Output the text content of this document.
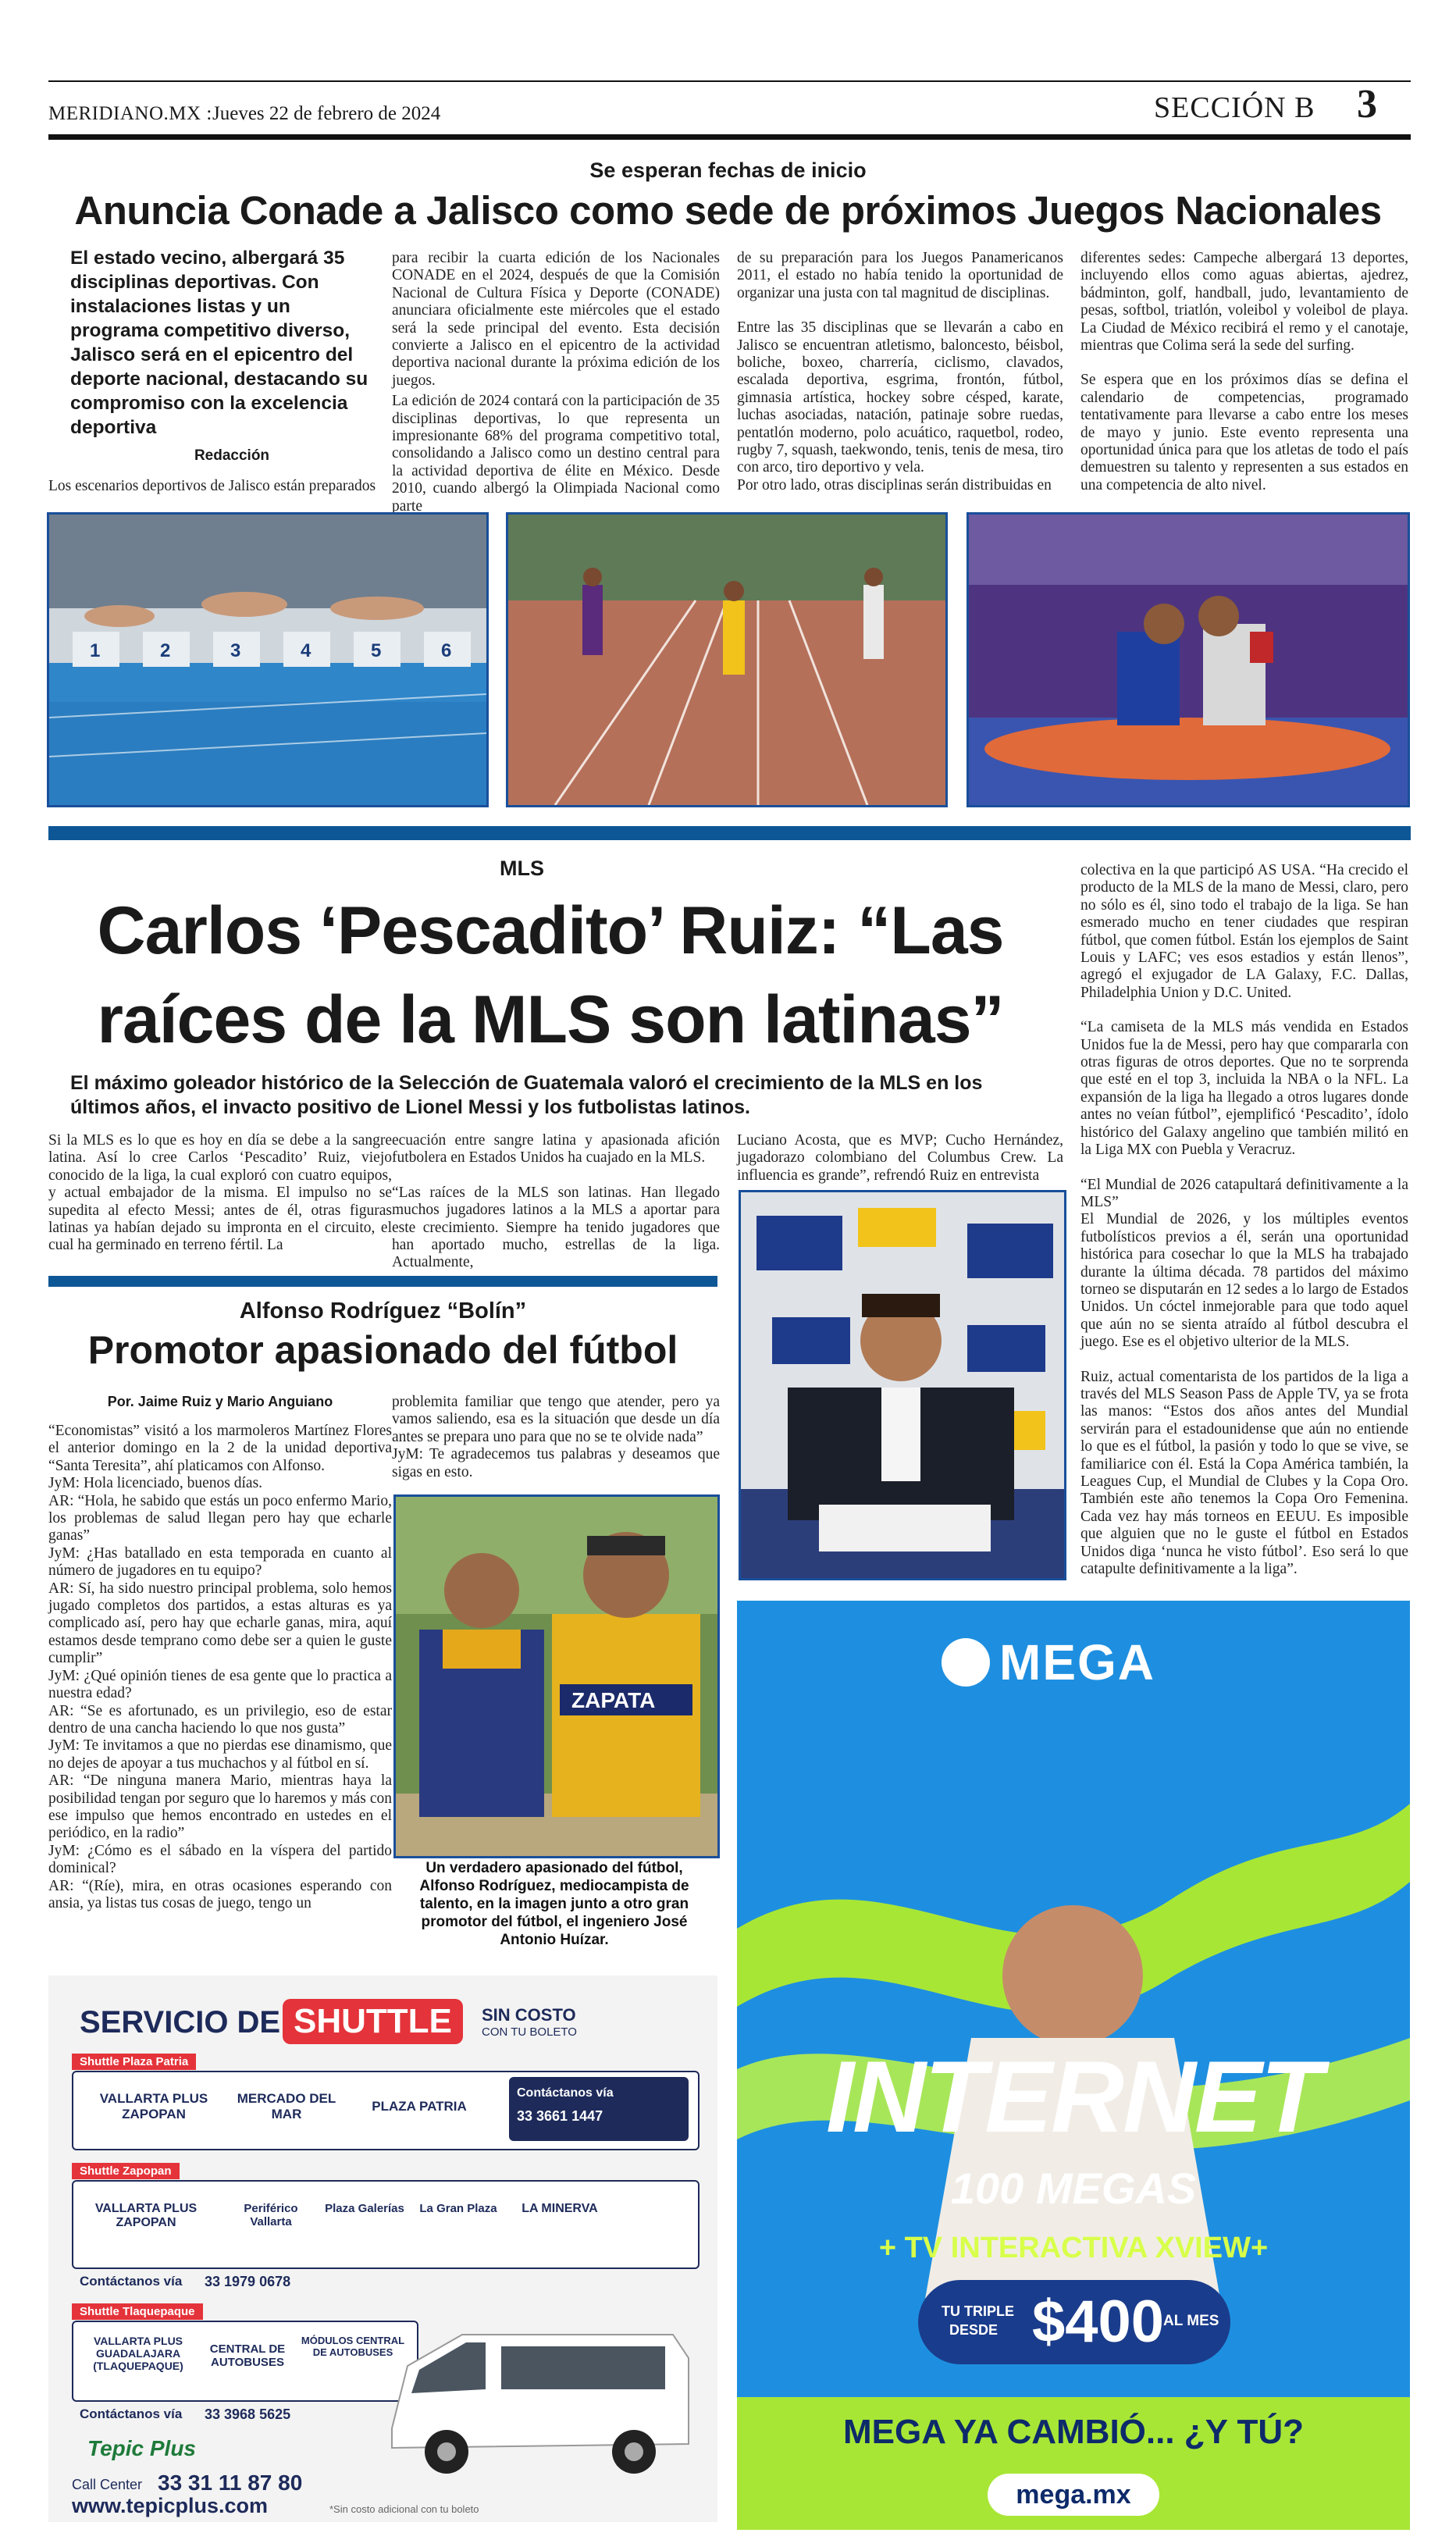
MERIDIANO.MX : Jueves 22 de febrero de 2024	SECCIÓN B 3
Se esperan fechas de inicio
Anuncia Conade a Jalisco como sede de próximos Juegos Nacionales
El estado vecino, albergará 35 disciplinas deportivas. Con instalaciones listas y un programa competitivo diverso, Jalisco será en el epicentro del deporte nacional, destacando su compromiso con la excelencia deportiva
Redacción
Los escenarios deportivos de Jalisco están preparados

para recibir la cuarta edición de los Nacionales CONADE en el 2024, después de que la Comisión Nacional de Cultura Física y Deporte (CONADE) anunciara oficialmente este miércoles que el estado será la sede principal del evento. Esta decisión convierte a Jalisco en el epicentro de la actividad deportiva nacional durante la próxima edición de los juegos.

La edición de 2024 contará con la participación de 35 disciplinas deportivas, lo que representa un impresionante 68% del programa competitivo total, consolidando a Jalisco como un destino central para la actividad deportiva de élite en México. Desde 2010, cuando albergó la Olimpiada Nacional como parte

de su preparación para los Juegos Panamericanos 2011, el estado no había tenido la oportunidad de organizar una justa con tal magnitud de disciplinas.

Entre las 35 disciplinas que se llevarán a cabo en Jalisco se encuentran atletismo, baloncesto, béisbol, boliche, boxeo, charrería, ciclismo, clavados, escalada deportiva, esgrima, frontón, fútbol, gimnasia artística, hockey sobre césped, karate, luchas asociadas, natación, patinaje sobre ruedas, pentatlón moderno, polo acuático, raquetbol, rodeo, rugby 7, squash, taekwondo, tenis, tenis de mesa, tiro con arco, tiro deportivo y vela.

Por otro lado, otras disciplinas serán distribuidas en

diferentes sedes: Campeche albergará 13 deportes, incluyendo ellos como aguas abiertas, ajedrez, bádminton, golf, handball, judo, levantamiento de pesas, softbol, triatlón, voleibol y voleibol de playa. La Ciudad de México recibirá el remo y el canotaje, mientras que Colima será la sede del surfing.

Se espera que en los próximos días se defina el calendario de competencias, programado tentativamente para llevarse a cabo entre los meses de mayo y junio. Este evento representa una oportunidad única para que los atletas de todo el país demuestren su talento y representen a sus estados en una competencia de alto nivel.

1	2	3	4	5	6
MLS
Carlos ‘Pescadito’ Ruiz: “Las
raíces de la MLS son latinas”
El máximo goleador histórico de la Selección de Guatemala valoró el crecimiento de la MLS en los últimos años, el invacto positivo de Lionel Messi y los futbolistas latinos.
Si la MLS es lo que es hoy en día se debe a la sangre latina. Así lo cree Carlos ‘Pescadito’ Ruiz, viejo conocido de la liga, la cual exploró con cuatro equipos, y actual embajador de la misma. El impulso no se supedita al efecto Messi; antes de él, otras figuras latinas ya habían dejado su impronta en el circuito, el cual ha germinado en terreno fértil. La

ecuación entre sangre latina y apasionada afición futbolera en Estados Unidos ha cuajado en la MLS.

“Las raíces de la MLS son latinas. Han llegado muchos jugadores latinos a la MLS a aportar para este crecimiento. Siempre ha tenido jugadores que han aportado mucho, estrellas de la liga. Actualmente,

Luciano Acosta, que es MVP; Cucho Hernández, jugadorazo colombiano del Columbus Crew. La influencia es grande”, refrendó Ruiz en entrevista

colectiva en la que participó AS USA. “Ha crecido el producto de la MLS de la mano de Messi, claro, pero no sólo es él, sino todo el trabajo de la liga. Se han esmerado mucho en tener ciudades que respiran fútbol, que comen fútbol. Están los ejemplos de Saint Louis y LAFC; ves esos estadios y están llenos”, agregó el exjugador de LA Galaxy, F.C. Dallas, Philadelphia Union y D.C. United.

“La camiseta de la MLS más vendida en Estados Unidos fue la de Messi, pero hay que compararla con otras figuras de otros deportes. Que no te sorprenda que esté en el top 3, incluida la NBA o la NFL. La expansión de la liga ha llegado a otros lugares donde antes no veían fútbol”, ejemplificó ‘Pescadito’, ídolo histórico del Galaxy angelino que también militó en la Liga MX con Puebla y Veracruz.

“El Mundial de 2026 catapultará definitivamente a la MLS”

El Mundial de 2026, y los múltiples eventos futbolísticos previos a él, serán una oportunidad histórica para cosechar lo que la MLS ha trabajado durante la última década. 78 partidos del máximo torneo se disputarán en 12 sedes a lo largo de Estados Unidos. Un cóctel inmejorable para que todo aquel que aún no se sienta atraído al fútbol descubra el juego. Ese es el objetivo ulterior de la MLS.

Ruiz, actual comentarista de los partidos de la liga a través del MLS Season Pass de Apple TV, ya se frota las manos: “Estos dos años antes del Mundial servirán para el estadounidense que aún no entiende lo que es el fútbol, la pasión y todo lo que se vive, se familiarice con él. Está la Copa América también, la Leagues Cup, el Mundial de Clubes y la Copa Oro. También este año tenemos la Copa Oro Femenina. Cada vez hay más torneos en EEUU. Es imposible que alguien que no le guste el fútbol en Estados Unidos diga ‘nunca he visto fútbol’. Eso será lo que catapulte definitivamente a la liga”.

Alfonso Rodríguez “Bolín”
Promotor apasionado del fútbol
Por. Jaime Ruiz y Mario Anguiano
“Economistas” visitó a los marmoleros Martínez Flores el anterior domingo en la 2 de la unidad deportiva “Santa Teresita”, ahí platicamos con Alfonso.
JyM: Hola licenciado, buenos días.
AR: “Hola, he sabido que estás un poco enfermo Mario, los problemas de salud llegan pero hay que echarle ganas”
JyM: ¿Has batallado en esta temporada en cuanto al número de jugadores en tu equipo?
AR: Sí, ha sido nuestro principal problema, solo hemos jugado completos dos partidos, a estas alturas es ya complicado así, pero hay que echarle ganas, mira, aquí estamos desde temprano como debe ser a quien le guste cumplir”
JyM: ¿Qué opinión tienes de esa gente que lo practica a nuestra edad?
AR: “Se es afortunado, es un privilegio, eso de estar dentro de una cancha haciendo lo que nos gusta”
JyM: Te invitamos a que no pierdas ese dinamismo, que no dejes de apoyar a tus muchachos y al fútbol en sí.
AR: “De ninguna manera Mario, mientras haya la posibilidad tengan por seguro que lo haremos y más con ese impulso que hemos encontrado en ustedes en el periódico, en la radio”
JyM: ¿Cómo es el sábado en la víspera del partido dominical?
AR: “(Ríe), mira, en otras ocasiones esperando con ansia, ya listas tus cosas de juego, tengo un
problemita familiar que tengo que atender, pero ya vamos saliendo, esa es la situación que desde un día antes se prepara uno para que no se te olvide nada”
JyM: Te agradecemos tus palabras y deseamos que sigas en esto.
ZAPATA
Un verdadero apasionado del fútbol, Alfonso Rodríguez, mediocampista de talento, en la imagen junto a otro gran promotor del fútbol, el ingeniero José Antonio Huízar.
SERVICIO DE SHUTTLE	SIN COSTO
CON TU BOLETO
Shuttle Plaza Patria
VALLARTA PLUS ZAPOPAN
MERCADO DEL MAR
PLAZA PATRIA
Contáctanos vía
33 3661 1447
Shuttle Zapopan
VALLARTA PLUS ZAPOPAN
Periférico Vallarta
Plaza Galerías	La Gran Plaza	LA MINERVA
Contáctanos vía 33 1979 0678
Shuttle Tlaquepaque
VALLARTA PLUS GUADALAJARA (TLAQUEPAQUE)
CENTRAL DE AUTOBUSES
MÓDULOS CENTRAL DE AUTOBUSES
Contáctanos vía 33 3968 5625
Tepic Plus
Call Center 33 31 11 87 80
www.tepicplus.com	*Sin costo adicional con tu boleto
MEGA
INTERNET
100 MEGAS
+ TV INTERACTIVA XVIEW+
TU TRIPLE
DESDE $400
AL MES
MEGA YA CAMBIÓ... ¿Y TÚ?
mega.mx
